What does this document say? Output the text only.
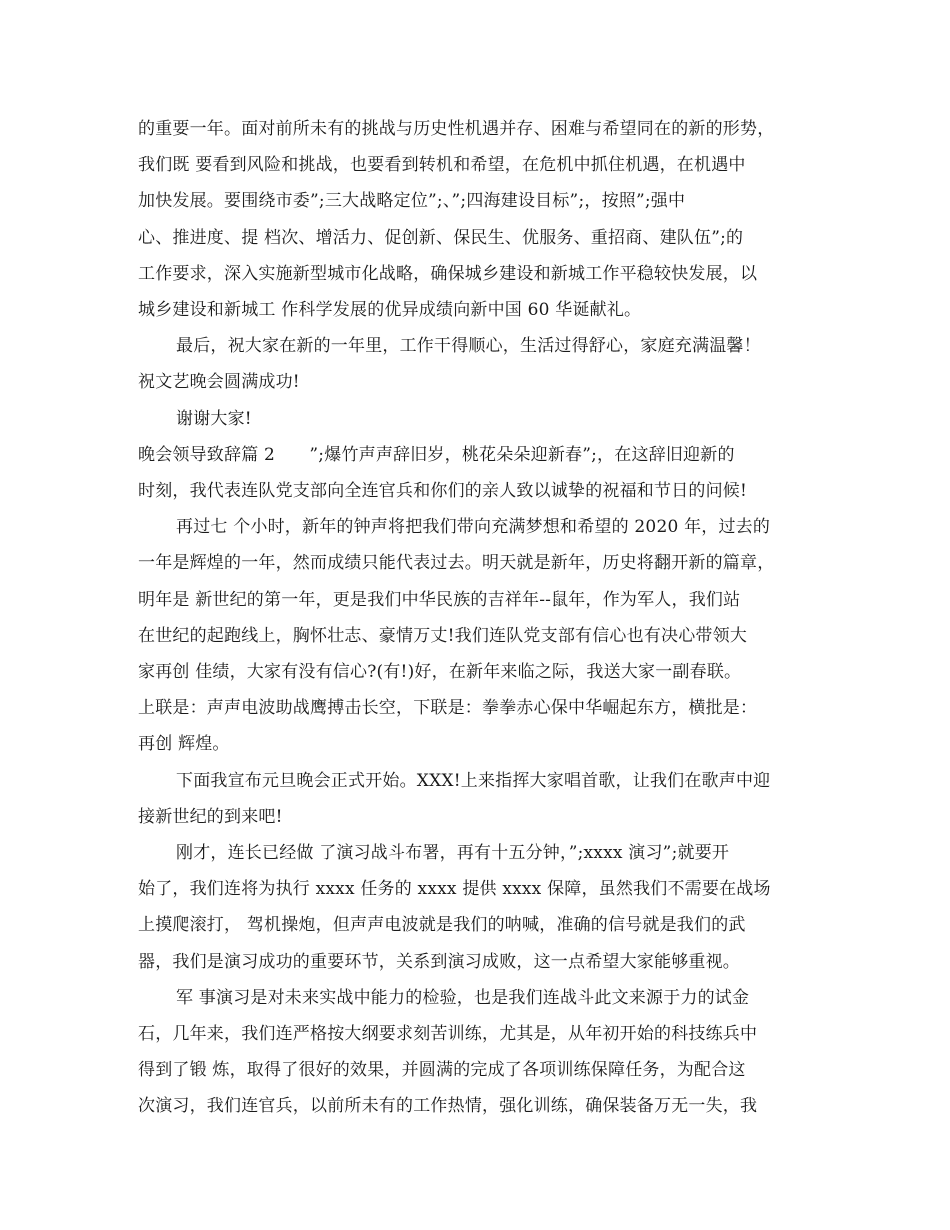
的重要一年。面对前所未有的挑战与历史性机遇并存、困难与希望同在的新的形势，

我们既 要看到风险和挑战，也要看到转机和希望，在危机中抓住机遇，在机遇中

加快发展。要围绕市委”;三大战略定位”;、”;四海建设目标”;，按照”;强中

心、推进度、提 档次、增活力、促创新、保民生、优服务、重招商、建队伍”;的

工作要求，深入实施新型城市化战略，确保城乡建设和新城工作平稳较快发展，以

城乡建设和新城工 作科学发展的优异成绩向新中国 60 华诞献礼。

最后，祝大家在新的一年里，工作干得顺心，生活过得舒心，家庭充满温馨！

祝文艺晚会圆满成功!

谢谢大家!

晚会领导致辞篇 2　　”;爆竹声声辞旧岁，桃花朵朵迎新春”;，在这辞旧迎新的

时刻，我代表连队党支部向全连官兵和你们的亲人致以诚挚的祝福和节日的问候!

再过七 个小时，新年的钟声将把我们带向充满梦想和希望的 2020 年，过去的

一年是辉煌的一年，然而成绩只能代表过去。明天就是新年，历史将翻开新的篇章，

明年是 新世纪的第一年，更是我们中华民族的吉祥年--鼠年，作为军人，我们站

在世纪的起跑线上，胸怀壮志、豪情万丈!我们连队党支部有信心也有决心带领大

家再创 佳绩，大家有没有信心?(有!)好，在新年来临之际，我送大家一副春联。

上联是：声声电波助战鹰搏击长空，下联是：拳拳赤心保中华崛起东方，横批是：

再创 辉煌。

下面我宣布元旦晚会正式开始。XXX!上来指挥大家唱首歌，让我们在歌声中迎

接新世纪的到来吧!

刚才，连长已经做 了演习战斗布署，再有十五分钟，”;xxxx 演习”;就要开

始了，我们连将为执行 xxxx 任务的 xxxx 提供 xxxx 保障，虽然我们不需要在战场

上摸爬滚打， 驾机操炮，但声声电波就是我们的呐喊，准确的信号就是我们的武

器，我们是演习成功的重要环节，关系到演习成败，这一点希望大家能够重视。

军 事演习是对未来实战中能力的检验，也是我们连战斗此文来源于力的试金

石，几年来，我们连严格按大纲要求刻苦训练，尤其是，从年初开始的科技练兵中

得到了锻 炼，取得了很好的效果，并圆满的完成了各项训练保障任务，为配合这

次演习，我们连官兵，以前所未有的工作热情，强化训练，确保装备万无一失，我
